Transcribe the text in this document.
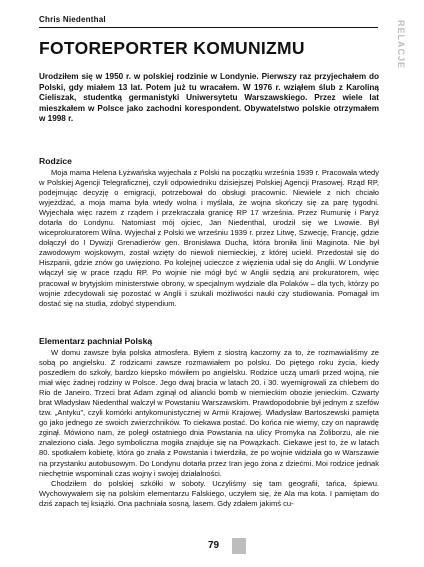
Chris Niedenthal
RELACJE
FOTOREPORTER KOMUNIZMU
Urodziłem się w 1950 r. w polskiej rodzinie w Londynie. Pierwszy raz przyjechałem do Polski, gdy miałem 13 lat. Potem już tu wracałem. W 1976 r. wziąłem ślub z Karoliną Cieliszak, studentką germanistyki Uniwersytetu Warszawskiego. Przez wiele lat mieszkałem w Polsce jako zachodni korespondent. Obywatelstwo polskie otrzymałem w 1998 r.
Rodzice

Moja mama Helena Łyżwańska wyjechała z Polski na początku września 1939 r. Pracowała wtedy w Polskiej Agencji Telegraficznej, czyli odpowiedniku dzisiejszej Polskiej Agencji Prasowej. Rząd RP, podejmując decyzję o emigracji, potrzebował do obsługi pracownic. Niewiele z nich chciało wyjeżdżać, a moja mama była wtedy wolna i myślała, że wojna skończy się za parę tygodni. Wyjechała więc razem z rządem i przekraczała granicę RP 17 września. Przez Rumunię i Paryż dotarła do Londynu. Natomiast mój ojciec, Jan Niedenthal, urodził się we Lwowie. Był wiceprokuratorem Wilna. Wyjechał z Polski we wrześniu 1939 r. przez Litwę, Szwecję, Francję, gdzie dołączył do I Dywizji Grenadierów gen. Bronisława Ducha, która broniła linii Maginota. Nie był zawodowym wojskowym, został wzięty do niewoli niemieckiej, z której uciekł. Przedostał się do Hiszpanii, gdzie znów go uwięziono. Po kolejnej ucieczce z więzienia udał się do Anglii. W Londynie włączył się w prace rządu RP. Po wojnie nie mógł być w Anglii sędzią ani prokuratorem, więc pracował w brytyjskim ministerstwie obrony, w specjalnym wydziale dla Polaków – dla tych, którzy po wojnie zdecydowali się pozostać w Anglii i szukali możliwości nauki czy studiowania. Pomagał im dostać się na studia, zdobyć stypendium.

Elementarz pachniał Polską

W domu zawsze była polska atmosfera. Byłem z siostrą kaczorny za to, że rozmawialiśmy ze sobą po angielsku. Z rodzicami zawsze rozmawiałem po polsku. Do piętego roku życia, kiedy poszedłem do szkoły, bardzo kiepsko mówiłem po angielsku. Rodzice uczą umarli przed wojną, nie miał więc żadnej rodziny w Polsce. Jego dwaj bracia w latach 20. i 30. wyemigrowali za chlebem do Rio de Janeiro. Trzeci brat Adam zginął od aliancki bomb w niemieckim obozie jenieckim. Czwarty brat Władysław Niedenthal walczył w Powstaniu Warszawskim. Prawdopodobnie był jednym z szefów tzw. „Antyku”, czyli komórki antykomunistycznej w Armii Krajowej. Władysław Bartoszewski pamięta go jako jednego ze swoich zwierzchników. To ciekawa postać. Do końca nie wiemy, czy on naprawdę zginął. Mówiono nam, że poległ ostatniego dnia Powstania na ulicy Promyka na Żoliborzu, ale nie znaleziono ciała. Jego symboliczna mogiła znajduje się na Powązkach. Ciekawe jest to, że w latach 80. spotkałem kobietę, która go znała z Powstania i twierdziła, że po wojnie widziała go w Warszawie na przystanku autobusowym. Do Londynu dotarła przez Iran jego żona z dziećmi. Moi rodzice jednak niechętnie wspominali czas wojny i swojej działalności.

Chodziłem do polskiej szkółki w soboty. Uczyliśmy się tam geografii, tańca, śpiewu. Wychowywałem się na polskim elementarzu Falskiego, uczyłem się, że Ala ma kota. I pamiętam do dziś zapach tej książki. Ona pachniała sosną, lasem. Gdy zdałem jakimś cu-

79
